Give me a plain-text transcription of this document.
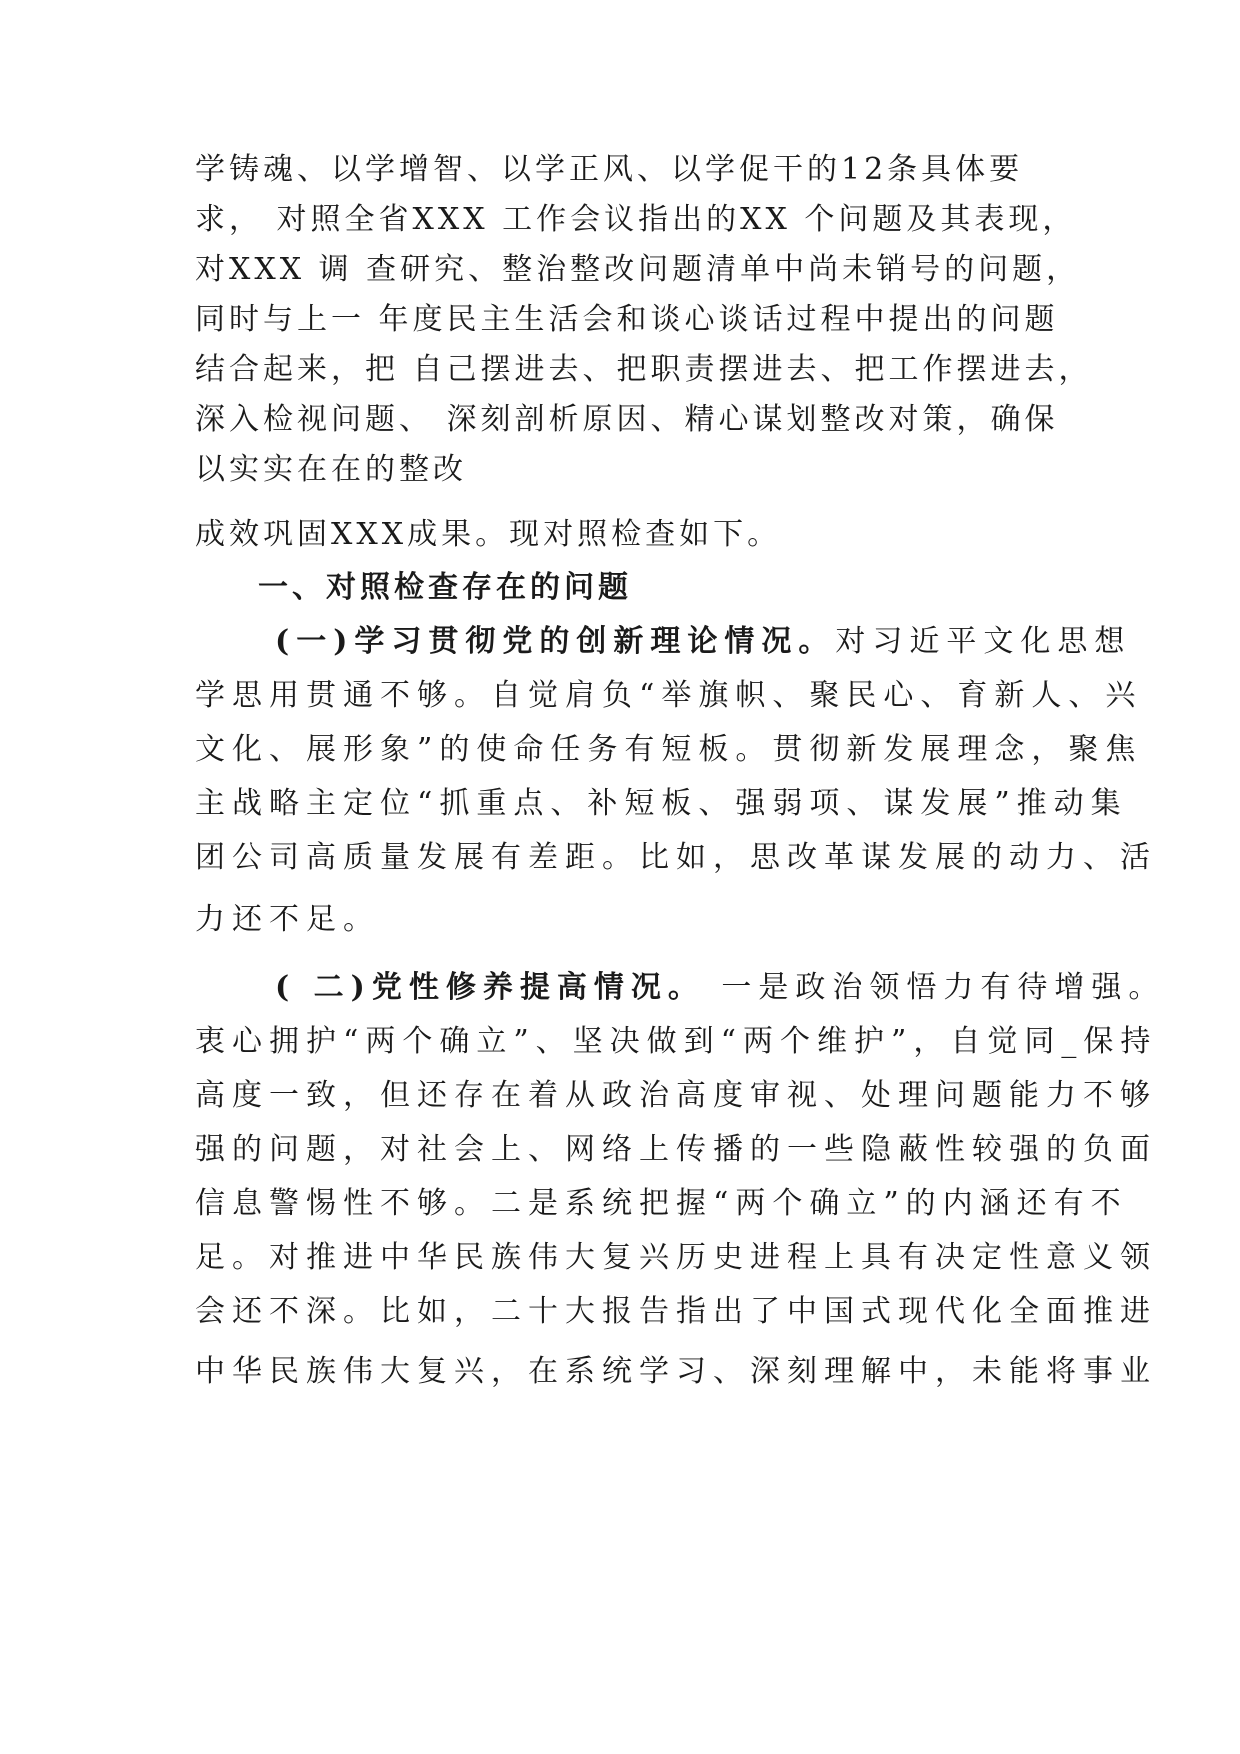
学铸魂、以学增智、以学正风、以学促干的12条具体要
求， 对照全省XXX 工作会议指出的XX 个问题及其表现，
对XXX 调 查研究、整治整改问题清单中尚未销号的问题，
同时与上一 年度民主生活会和谈心谈话过程中提出的问题
结合起来，把 自己摆进去、把职责摆进去、把工作摆进去，
深入检视问题、 深刻剖析原因、精心谋划整改对策，确保
以实实在在的整改
成效巩固XXX成果。现对照检查如下。
一、对照检查存在的问题
(一)学习贯彻党的创新理论情况。对习近平文化思想
学思用贯通不够。自觉肩负“举旗帜、聚民心、育新人、兴
文化、展形象”的使命任务有短板。贯彻新发展理念，聚焦
主战略主定位“抓重点、补短板、强弱项、谋发展”推动集
团公司高质量发展有差距。比如，思改革谋发展的动力、活
力还不足。
( 二)党性修养提高情况。 一是政治领悟力有待增强。
衷心拥护“两个确立”、坚决做到“两个维护”，自觉同_保持
高度一致，但还存在着从政治高度审视、处理问题能力不够
强的问题，对社会上、网络上传播的一些隐蔽性较强的负面
信息警惕性不够。二是系统把握“两个确立”的内涵还有不
足。对推进中华民族伟大复兴历史进程上具有决定性意义领
会还不深。比如，二十大报告指出了中国式现代化全面推进
中华民族伟大复兴，在系统学习、深刻理解中，未能将事业
